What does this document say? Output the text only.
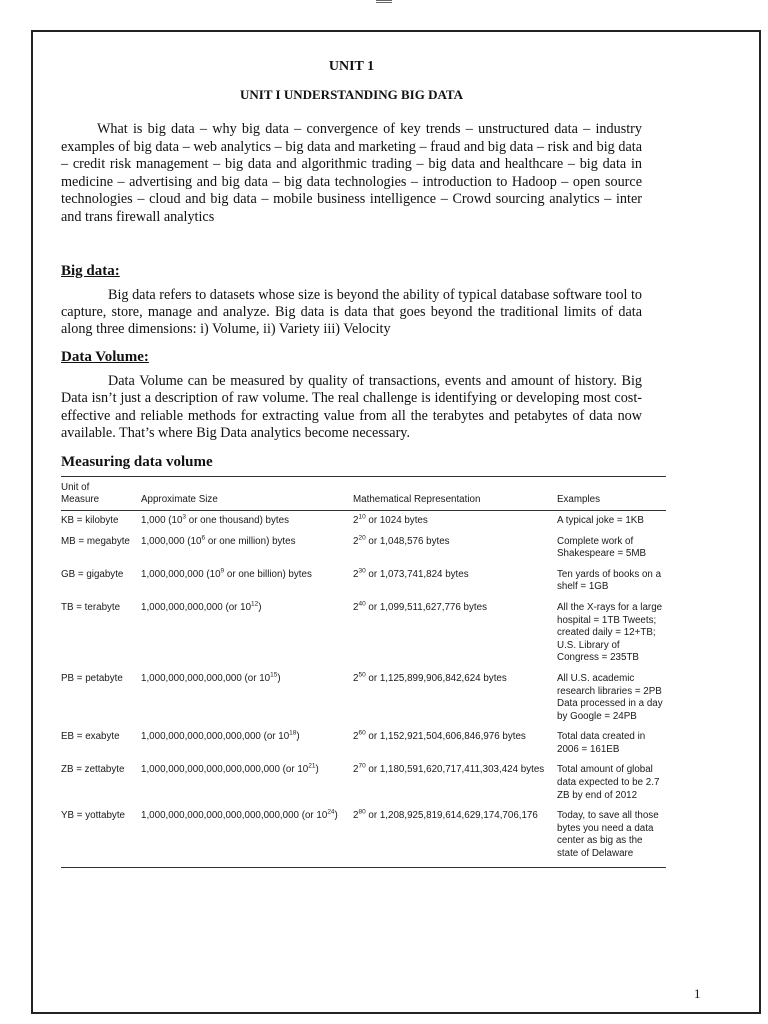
UNIT 1

UNIT I UNDERSTANDING BIG DATA

What is big data – why big data – convergence of key trends – unstructured data – industry examples of big data – web analytics – big data and marketing – fraud and big data – risk and big data – credit risk management – big data and algorithmic trading – big data and healthcare – big data in medicine – advertising and big data – big data technologies – introduction to Hadoop – open source technologies – cloud and big data – mobile business intelligence – Crowd sourcing analytics – inter and trans firewall analytics

Big data:

Big data refers to datasets whose size is beyond the ability of typical database software tool to capture, store, manage and analyze. Big data is data that goes beyond the traditional limits of data along three dimensions: i) Volume, ii) Variety iii) Velocity

Data Volume:

Data Volume can be measured by quality of transactions, events and amount of history. Big Data isn’t just a description of raw volume. The real challenge is identifying or developing most cost-effective and reliable methods for extracting value from all the terabytes and petabytes of data now available. That’s where Big Data analytics become necessary.

Measuring data volume

Unit of
Measure	Approximate Size	Mathematical Representation	Examples
KB = kilobyte	1,000 ($10^3$ or one thousand) bytes	$2^{10}$ or 1024 bytes	A typical joke = 1KB
MB = megabyte	1,000,000 ($10^6$ or one million) bytes	$2^{20}$ or 1,048,576 bytes	Complete work of Shakespeare = 5MB
GB = gigabyte	1,000,000,000 ($10^9$ or one billion) bytes	$2^{30}$ or 1,073,741,824 bytes	Ten yards of books on a shelf = 1GB
TB = terabyte	1,000,000,000,000 (or $10^{12}$)	$2^{40}$ or 1,099,511,627,776 bytes	All the X-rays for a large hospital = 1TB Tweets; created daily = 12+TB; U.S. Library of Congress = 235TB
PB = petabyte	1,000,000,000,000,000 (or $10^{15}$)	$2^{50}$ or 1,125,899,906,842,624 bytes	All U.S. academic research libraries = 2PB Data processed in a day by Google = 24PB
EB = exabyte	1,000,000,000,000,000,000 (or $10^{18}$)	$2^{60}$ or 1,152,921,504,606,846,976 bytes	Total data created in 2006 = 161EB
ZB = zettabyte	1,000,000,000,000,000,000,000 (or $10^{21}$)	$2^{70}$ or 1,180,591,620,717,411,303,424 bytes	Total amount of global data expected to be 2.7 ZB by end of 2012
YB = yottabyte	1,000,000,000,000,000,000,000,000 (or $10^{24}$)	$2^{80}$ or 1,208,925,819,614,629,174,706,176	Today, to save all those bytes you need a data center as big as the state of Delaware
1
